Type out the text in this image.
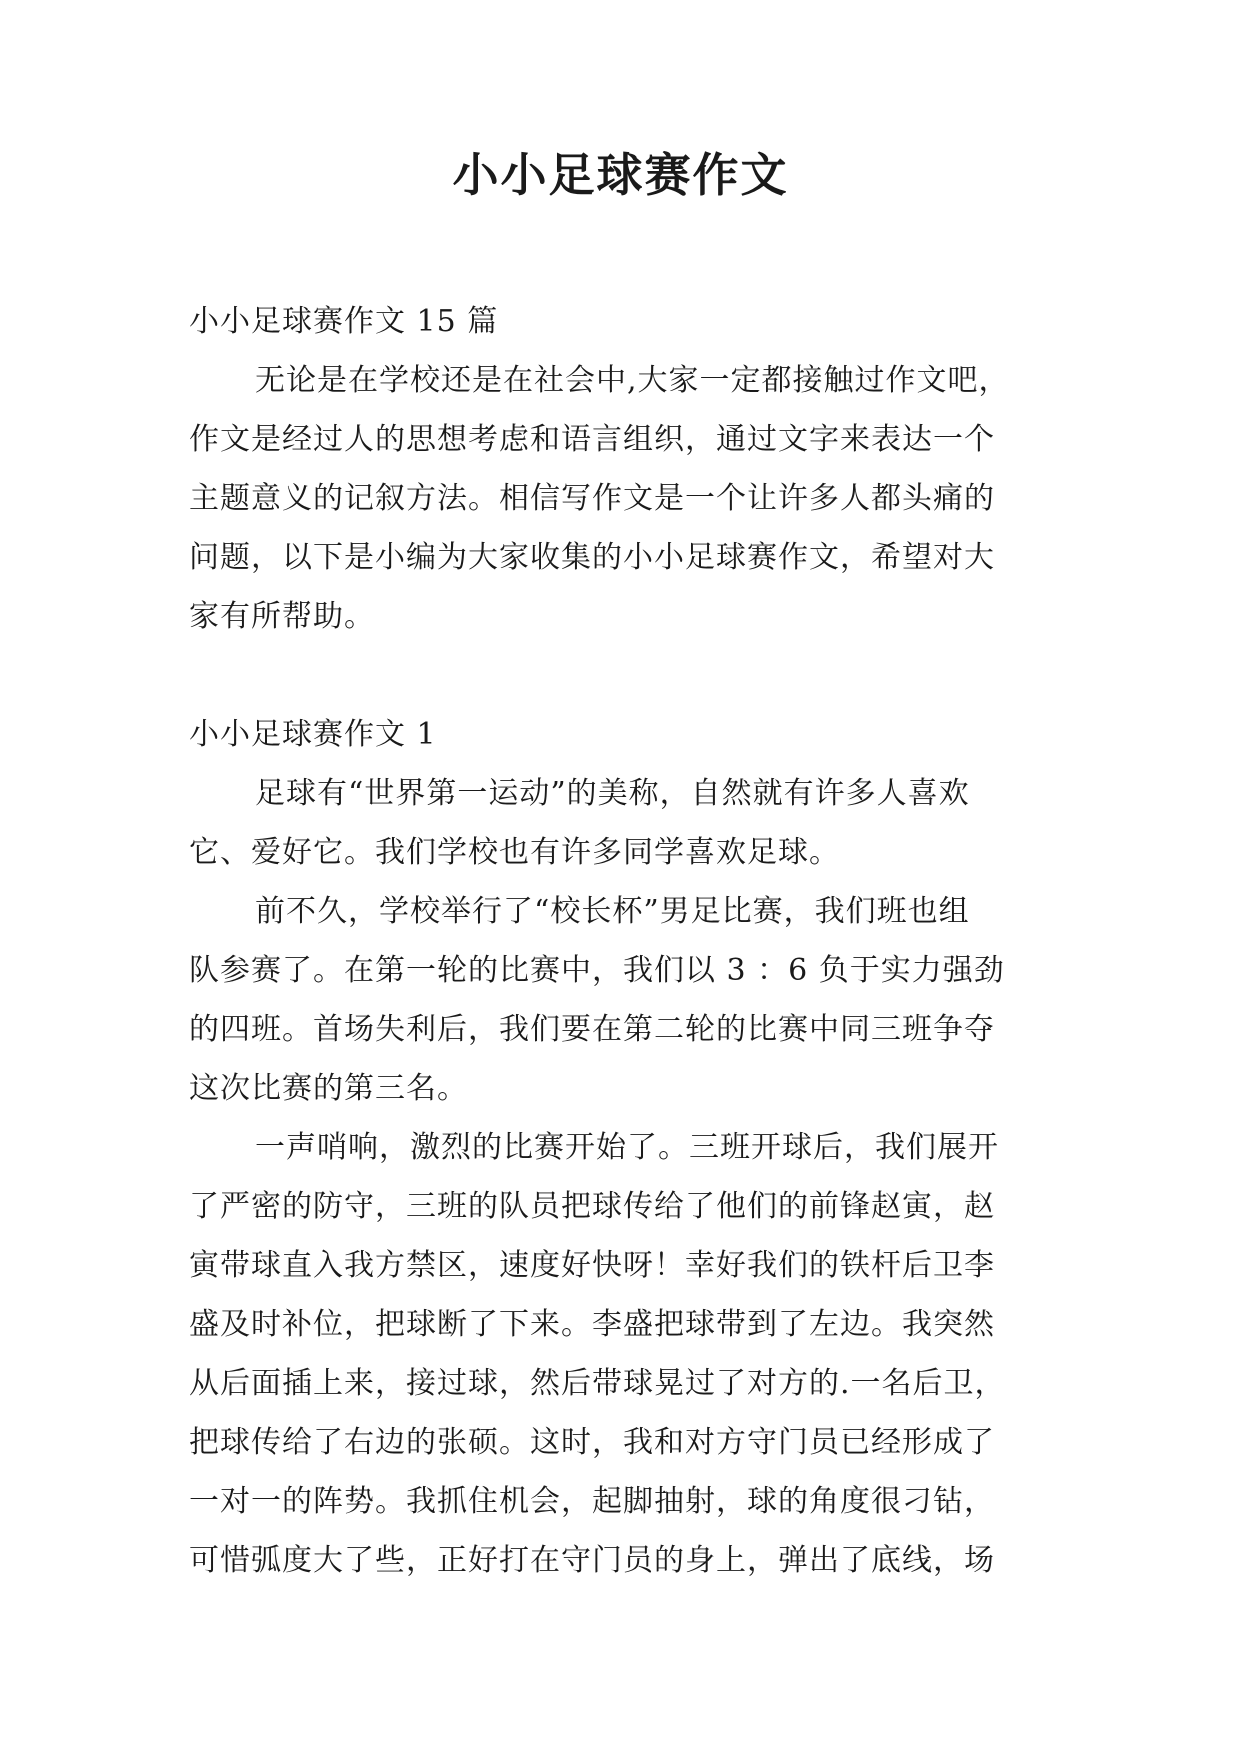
小小足球赛作文

小小足球赛作文 15 篇

无论是在学校还是在社会中,大家一定都接触过作文吧，

作文是经过人的思想考虑和语言组织，通过文字来表达一个

主题意义的记叙方法。相信写作文是一个让许多人都头痛的

问题，以下是小编为大家收集的小小足球赛作文，希望对大

家有所帮助。

小小足球赛作文 1

足球有“世界第一运动”的美称，自然就有许多人喜欢

它、爱好它。我们学校也有许多同学喜欢足球。

前不久，学校举行了“校长杯”男足比赛，我们班也组

队参赛了。在第一轮的比赛中，我们以 3 ：6 负于实力强劲

的四班。首场失利后，我们要在第二轮的比赛中同三班争夺

这次比赛的第三名。

一声哨响，激烈的比赛开始了。三班开球后，我们展开

了严密的防守，三班的队员把球传给了他们的前锋赵寅，赵

寅带球直入我方禁区，速度好快呀！幸好我们的铁杆后卫李

盛及时补位，把球断了下来。李盛把球带到了左边。我突然

从后面插上来，接过球，然后带球晃过了对方的.一名后卫，

把球传给了右边的张硕。这时，我和对方守门员已经形成了

一对一的阵势。我抓住机会，起脚抽射，球的角度很刁钻，

可惜弧度大了些，正好打在守门员的身上，弹出了底线，场
